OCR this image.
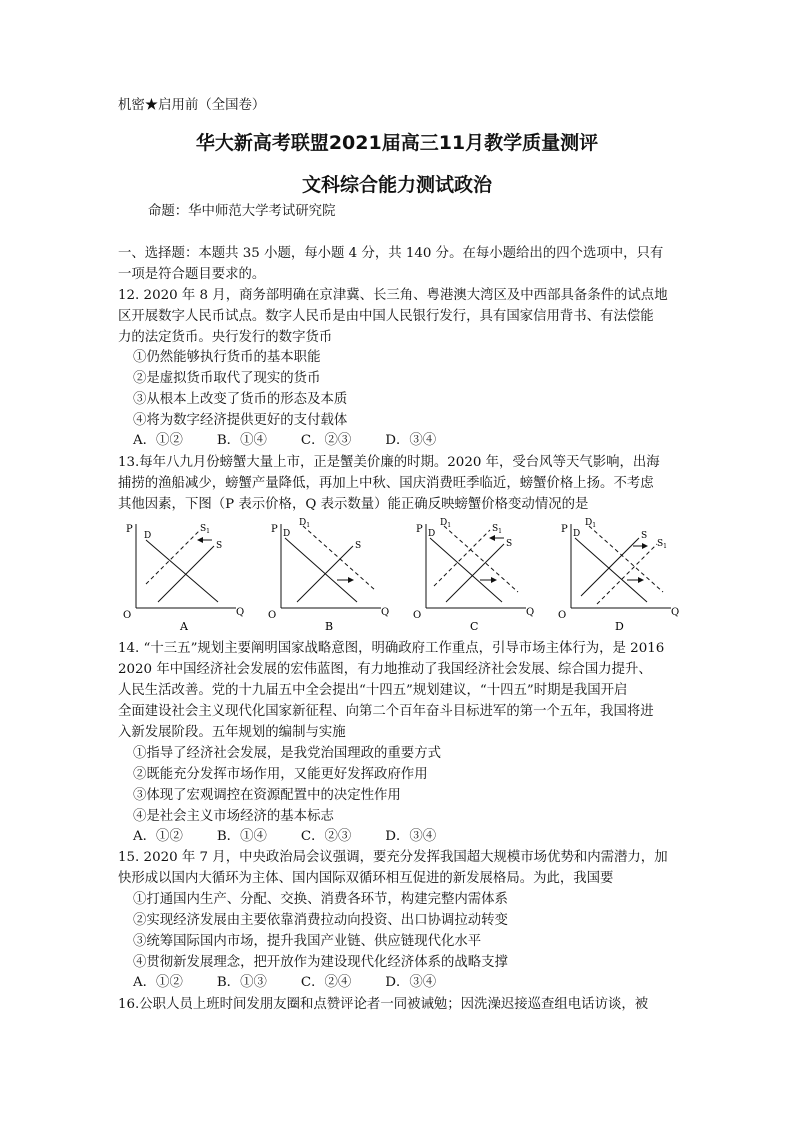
机密★启用前（全国卷）
华大新高考联盟2021届高三11月教学质量测评
文科综合能力测试政治
命题：华中师范大学考试研究院
一、选择题：本题共 35 小题，每小题 4 分，共 140 分。在每小题给出的四个选项中，只有
一项是符合题目要求的。
12. 2020 年 8 月，商务部明确在京津冀、长三角、粤港澳大湾区及中西部具备条件的试点地
区开展数字人民币试点。数字人民币是由中国人民银行发行，具有国家信用背书、有法偿能
力的法定货币。央行发行的数字货币
①仍然能够执行货币的基本职能
②是虚拟货币取代了现实的货币
③从根本上改变了货币的形态及本质
④将为数字经济提供更好的支付载体
A．①②	B．①④	C．②③	D．③④
13.每年八九月份螃蟹大量上市，正是蟹美价廉的时期。2020 年，受台风等天气影响，出海
捕捞的渔船减少，螃蟹产量降低，再加上中秋、国庆消费旺季临近，螃蟹价格上扬。不考虑
其他因素，下图（P 表示价格，Q 表示数量）能正确反映螃蟹价格变动情况的是
P
Q
O
D
S
$S_1$
A
P
Q
O
D
$D_1$
S
B
P
Q
O
D
$D_1$
S
$S_1$
C
P
Q
O
D
$D_1$
S
$S_1$
D
14. “十三五”规划主要阐明国家战略意图，明确政府工作重点，引导市场主体行为，是 2016
2020 年中国经济社会发展的宏伟蓝图，有力地推动了我国经济社会发展、综合国力提升、
人民生活改善。党的十九届五中全会提出“十四五”规划建议，“十四五”时期是我国开启
全面建设社会主义现代化国家新征程、向第二个百年奋斗目标进军的第一个五年，我国将进
入新发展阶段。五年规划的编制与实施
①指导了经济社会发展，是我党治国理政的重要方式
②既能充分发挥市场作用，又能更好发挥政府作用
③体现了宏观调控在资源配置中的决定性作用
④是社会主义市场经济的基本标志
A．①②	B．①④	C．②③	D．③④
15. 2020 年 7 月，中央政治局会议强调，要充分发挥我国超大规模市场优势和内需潜力，加
快形成以国内大循环为主体、国内国际双循环相互促进的新发展格局。为此，我国要
①打通国内生产、分配、交换、消费各环节，构建完整内需体系
②实现经济发展由主要依靠消费拉动向投资、出口协调拉动转变
③统筹国际国内市场，提升我国产业链、供应链现代化水平
④贯彻新发展理念，把开放作为建设现代化经济体系的战略支撑
A．①②	B．①③	C．②④	D．③④
16.公职人员上班时间发朋友圈和点赞评论者一同被诫勉；因洗澡迟接巡查组电话访谈，被
